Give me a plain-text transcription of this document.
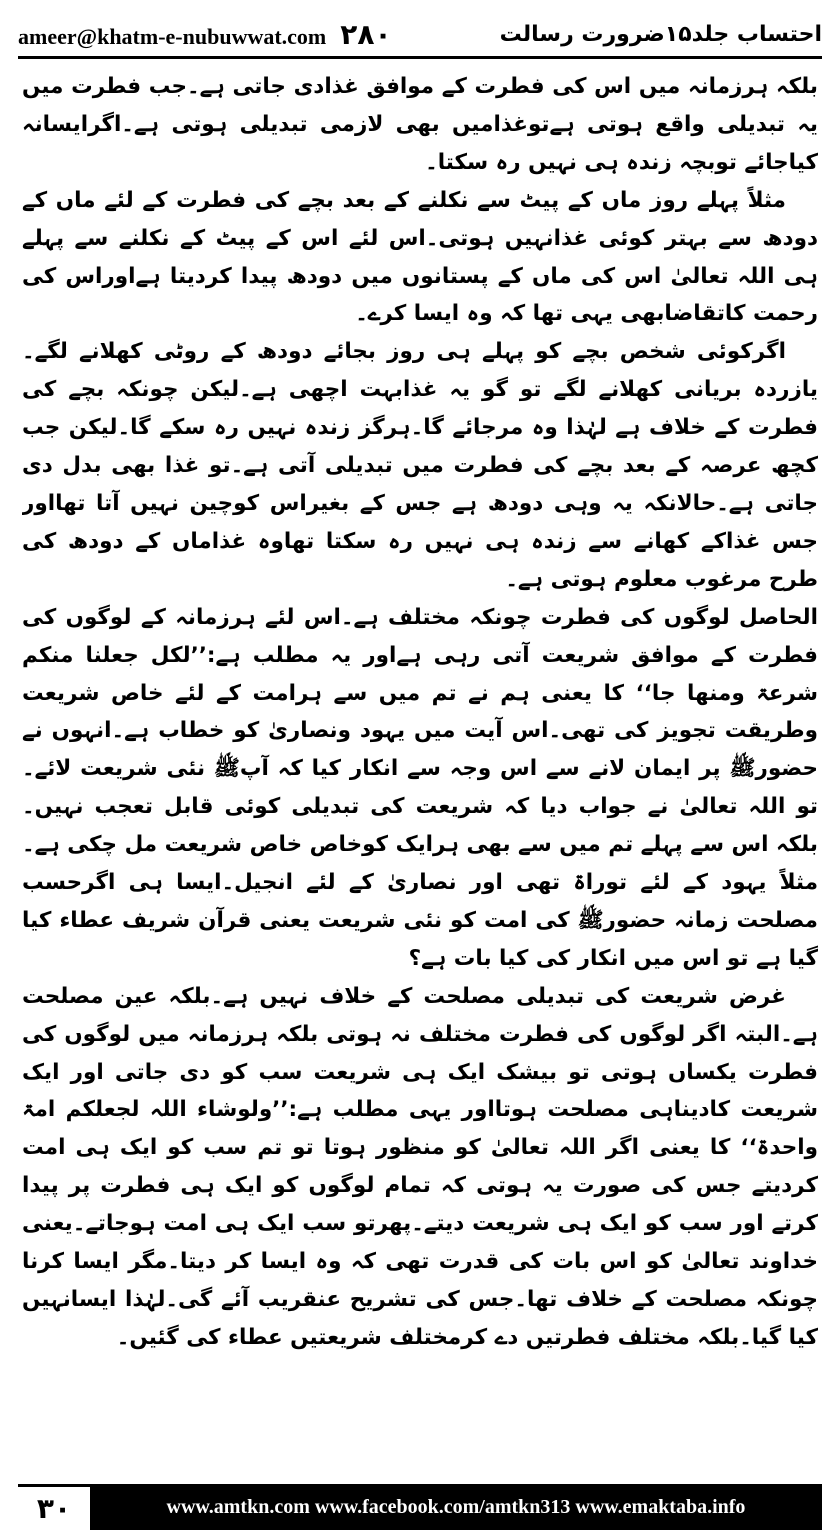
ameer@khatm-e-nubuwwat.com ۲۸۰	احتساب جلد۱۵ضرورت رسالت

بلکہ ہرزمانہ میں اس کی فطرت کے موافق غذادی جاتی ہے۔جب فطرت میں یہ تبدیلی واقع ہوتی ہےتوغذامیں بھی لازمی تبدیلی ہوتی ہے۔اگرایسانہ کیاجائے توبچہ زندہ ہی نہیں رہ سکتا۔

مثلاً پہلے روز ماں کے پیٹ سے نکلنے کے بعد بچے کی فطرت کے لئے ماں کے دودھ سے بہتر کوئی غذانہیں ہوتی۔اس لئے اس کے پیٹ کے نکلنے سے پہلے ہی اللہ تعالیٰ اس کی ماں کے پستانوں میں دودھ پیدا کردیتا ہےاوراس کی رحمت کاتقاضابھی یہی تھا کہ وہ ایسا کرے۔

اگرکوئی شخص بچے کو پہلے ہی روز بجائے دودھ کے روٹی کھلانے لگے۔یازردہ بریانی کھلانے لگے تو گو یہ غذابہت اچھی ہے۔لیکن چونکہ بچے کی فطرت کے خلاف ہے لہٰذا وہ مرجائے گا۔ہرگز زندہ نہیں رہ سکے گا۔لیکن جب کچھ عرصہ کے بعد بچے کی فطرت میں تبدیلی آتی ہے۔تو غذا بھی بدل دی جاتی ہے۔حالانکہ یہ وہی دودھ ہے جس کے بغیراس کوچین نہیں آتا تھااور جس غذاکے کھانے سے زندہ ہی نہیں رہ سکتا تھاوہ غذاماں کے دودھ کی طرح مرغوب معلوم ہوتی ہے۔

الحاصل لوگوں کی فطرت چونکہ مختلف ہے۔اس لئے ہرزمانہ کے لوگوں کی فطرت کے موافق شریعت آتی رہی ہےاور یہ مطلب ہے:’’لکل جعلنا منکم شرعۃ ومنھا جا‘‘ کا یعنی ہم نے تم میں سے ہرامت کے لئے خاص شریعت وطریقت تجویز کی تھی۔اس آیت میں یہود ونصاریٰ کو خطاب ہے۔انہوں نے حضورﷺ پر ایمان لانے سے اس وجہ سے انکار کیا کہ آپﷺ نئی شریعت لائے۔تو اللہ تعالیٰ نے جواب دیا کہ شریعت کی تبدیلی کوئی قابل تعجب نہیں۔ بلکہ اس سے پہلے تم میں سے بھی ہرایک کوخاص خاص شریعت مل چکی ہے۔مثلاً یہود کے لئے توراۃ تھی اور نصاریٰ کے لئے انجیل۔ایسا ہی اگرحسب مصلحت زمانہ حضورﷺ کی امت کو نئی شریعت یعنی قرآن شریف عطاء کیا گیا ہے تو اس میں انکار کی کیا بات ہے؟

غرض شریعت کی تبدیلی مصلحت کے خلاف نہیں ہے۔بلکہ عین مصلحت ہے۔البتہ اگر لوگوں کی فطرت مختلف نہ ہوتی بلکہ ہرزمانہ میں لوگوں کی فطرت یکساں ہوتی تو بیشک ایک ہی شریعت سب کو دی جاتی اور ایک شریعت کادیناہی مصلحت ہوتااور یہی مطلب ہے:’’ولوشاء اللہ لجعلکم امۃ واحدۃ‘‘ کا یعنی اگر اللہ تعالیٰ کو منظور ہوتا تو تم سب کو ایک ہی امت کردیتے جس کی صورت یہ ہوتی کہ تمام لوگوں کو ایک ہی فطرت پر پیدا کرتے اور سب کو ایک ہی شریعت دیتے۔پھرتو سب ایک ہی امت ہوجاتے۔یعنی خداوند تعالیٰ کو اس بات کی قدرت تھی کہ وہ ایسا کر دیتا۔مگر ایسا کرنا چونکہ مصلحت کے خلاف تھا۔جس کی تشریح عنقریب آئے گی۔لہٰذا ایسانہیں کیا گیا۔بلکہ مختلف فطرتیں دے کرمختلف شریعتیں عطاء کی گئیں۔

۳۰	www.amtkn.com www.facebook.com/amtkn313 www.emaktaba.info
